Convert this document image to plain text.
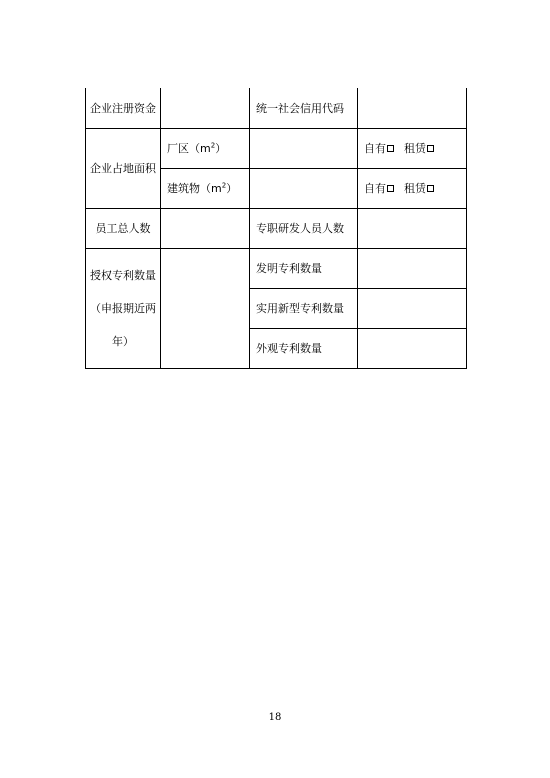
企业注册资金		统一社会信用代码	
企业占地面积	厂区$(m^2)$		自有 租赁
	建筑物$(m^2)$		自有 租赁
员工总人数		专职研发人员人数	

授权专利数量
（申报期近两
年）		发明专利数量	
		实用新型专利数量	
		外观专利数量	
18
